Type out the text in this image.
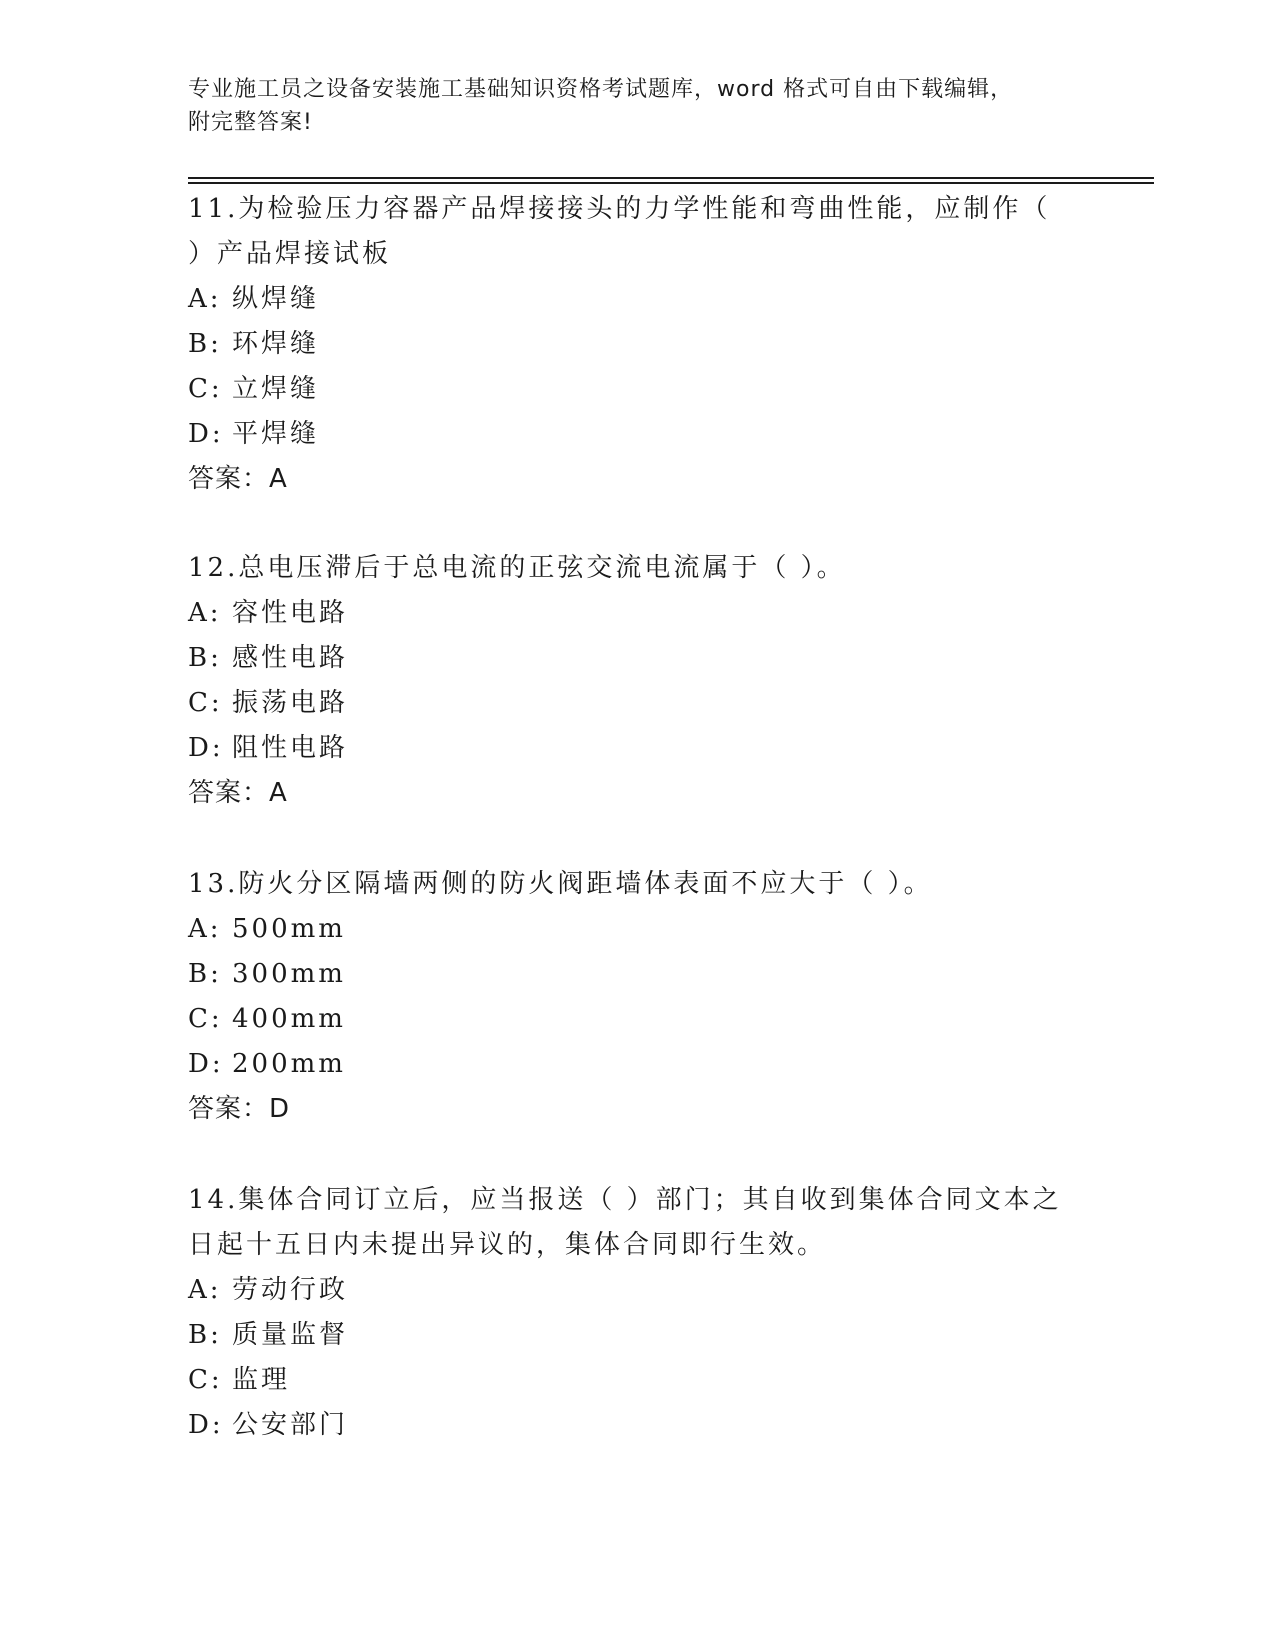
专业施工员之设备安装施工基础知识资格考试题库，word 格式可自由下载编辑，
附完整答案!
11.为检验压力容器产品焊接接头的力学性能和弯曲性能，应制作（ ）产品焊接试板
A: 纵焊缝
B: 环焊缝
C: 立焊缝
D: 平焊缝
答案：A
12.总电压滞后于总电流的正弦交流电流属于（ ）。
A: 容性电路
B: 感性电路
C: 振荡电路
D: 阻性电路
答案：A
13.防火分区隔墙两侧的防火阀距墙体表面不应大于（ ）。
A: 500mm
B: 300mm
C: 400mm
D: 200mm
答案：D
14.集体合同订立后，应当报送（ ）部门；其自收到集体合同文本之日起十五日内未提出异议的，集体合同即行生效。
A: 劳动行政
B: 质量监督
C: 监理
D: 公安部门
